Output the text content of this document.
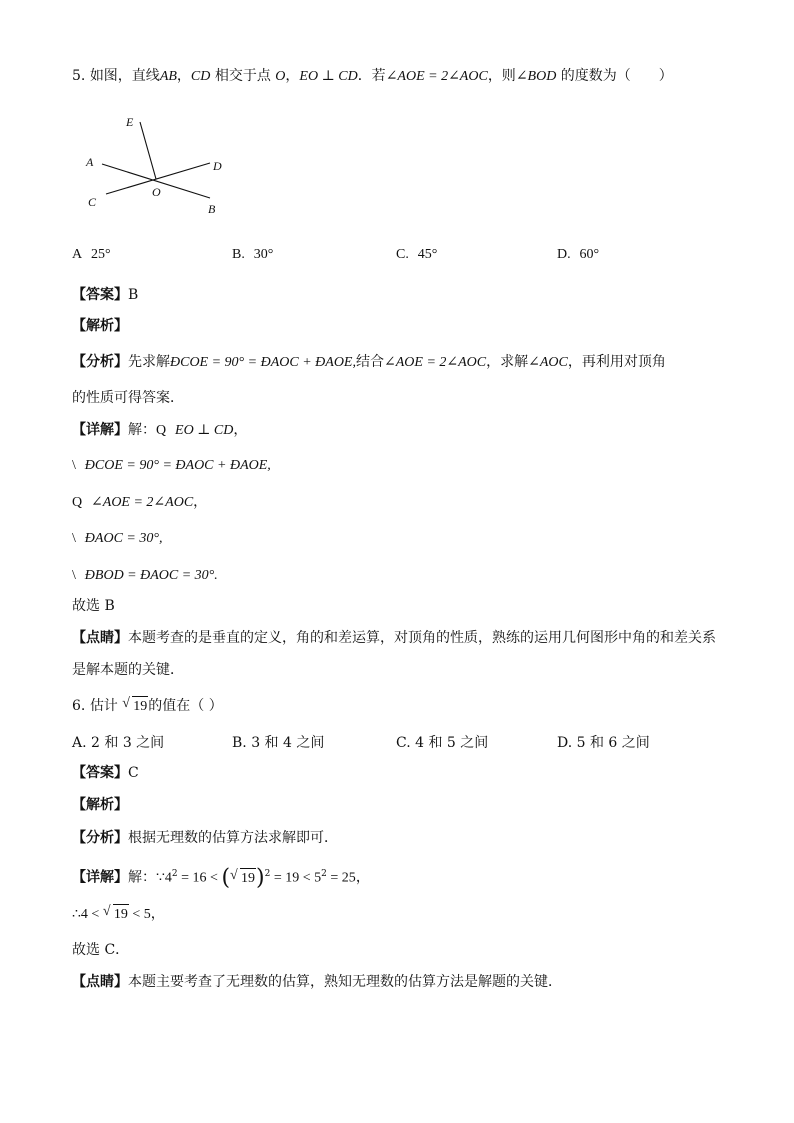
5. 如图，直线AB，CD 相交于点 O，EO ⊥ CD．若∠AOE = 2∠AOC，则∠BOD 的度数为（　　）
E
A	D
C
O
B
A 25°	B. 30°	C. 45°	D. 60°
【答案】B
【解析】
【分析】先求解ÐCOE = 90° = ÐAOC + ÐAOE,结合∠AOE = 2∠AOC，求解∠AOC，再利用对顶角
的性质可得答案．
【详解】解：Q EO ⊥ CD，
\ ÐCOE = 90° = ÐAOC + ÐAOE,
Q ∠AOE = 2∠AOC，
\ ÐAOC = 30°,
\ ÐBOD = ÐAOC = 30°.
故选 B
【点睛】本题考查的是垂直的定义，角的和差运算，对顶角的性质，熟练的运用几何图形中角的和差关系
是解本题的关键．
6. 估计 √ 19的值在（ ）
A. 2 和 3 之间	B. 3 和 4 之间	C. 4 和 5 之间	D. 5 和 6 之间
【答案】C
【解析】
【分析】根据无理数的估算方法求解即可．
【详解】解：$\because 4^2 = 16$ < ( √ $19)^2 = 19 < 5^2 = 25$，
∴4 < √ 19 < 5，
故选 C．
【点睛】本题主要考查了无理数的估算，熟知无理数的估算方法是解题的关键．
